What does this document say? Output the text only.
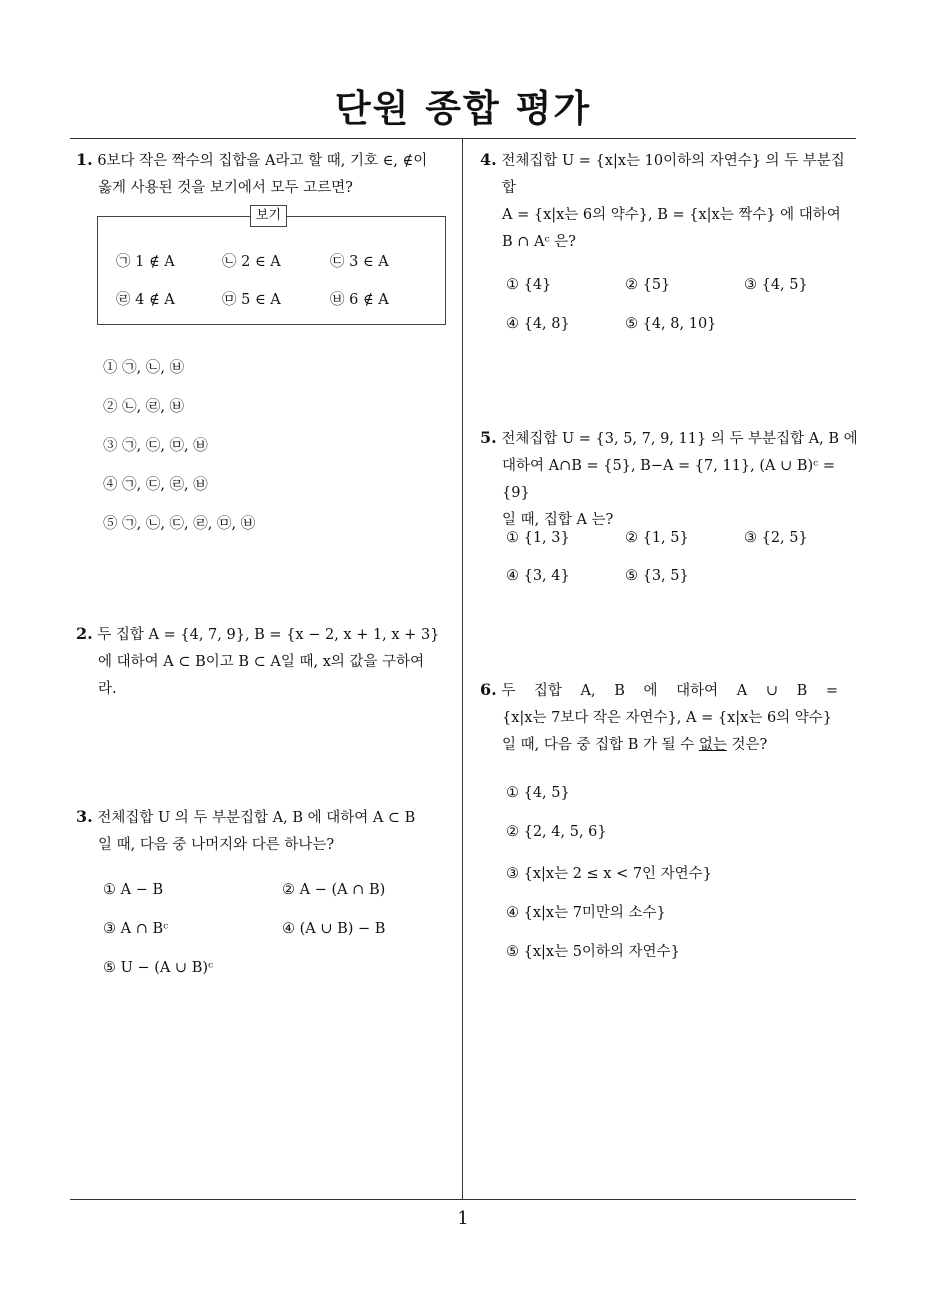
단원 종합 평가
1
1. 6보다 작은 짝수의 집합을 A라고 할 때, 기호 ∈, ∉이
옳게 사용된 것을 보기에서 모두 고르면?
보기
㉠ 1 ∉ A	㉡ 2 ∈ A	㉢ 3 ∈ A
㉣ 4 ∉ A	㉤ 5 ∈ A	㉥ 6 ∉ A
① ㉠, ㉡, ㉥
② ㉡, ㉣, ㉥
③ ㉠, ㉢, ㉤, ㉥
④ ㉠, ㉢, ㉣, ㉥
⑤ ㉠, ㉡, ㉢, ㉣, ㉤, ㉥
2. 두 집합 A = {4, 7, 9}, B = {x − 2, x + 1, x + 3}
에 대하여 A ⊂ B이고 B ⊂ A일 때, x의 값을 구하여
라.
3. 전체집합 U 의 두 부분집합 A, B 에 대하여 A ⊂ B
일 때, 다음 중 나머지와 다른 하나는?
① A − B	② A − (A ∩ B)
③ A ∩ Bᶜ	④ (A ∪ B) − B
⑤ U − (A ∪ B)ᶜ
4. 전체집합 U = {x|x는 10이하의 자연수} 의 두 부분집
합
A = {x|x는 6의 약수}, B = {x|x는 짝수} 에 대하여
B ∩ Aᶜ 은?
① {4}	② {5}	③ {4, 5}
④ {4, 8}	⑤ {4, 8, 10}
5. 전체집합 U = {3, 5, 7, 9, 11} 의 두 부분집합 A, B 에
대하여 A∩B = {5}, B−A = {7, 11}, (A ∪ B)ᶜ = {9}
일 때, 집합 A 는?
① {1, 3}	② {1, 5}	③ {2, 5}
④ {3, 4}	⑤ {3, 5}
6. 두 집합 A, B 에 대하여 A ∪ B =
{x|x는 7보다 작은 자연수}, A = {x|x는 6의 약수}
일 때, 다음 중 집합 B 가 될 수 없는 것은?
① {4, 5}
② {2, 4, 5, 6}
③ {x|x는 2 ≤ x < 7인 자연수}
④ {x|x는 7미만의 소수}
⑤ {x|x는 5이하의 자연수}
